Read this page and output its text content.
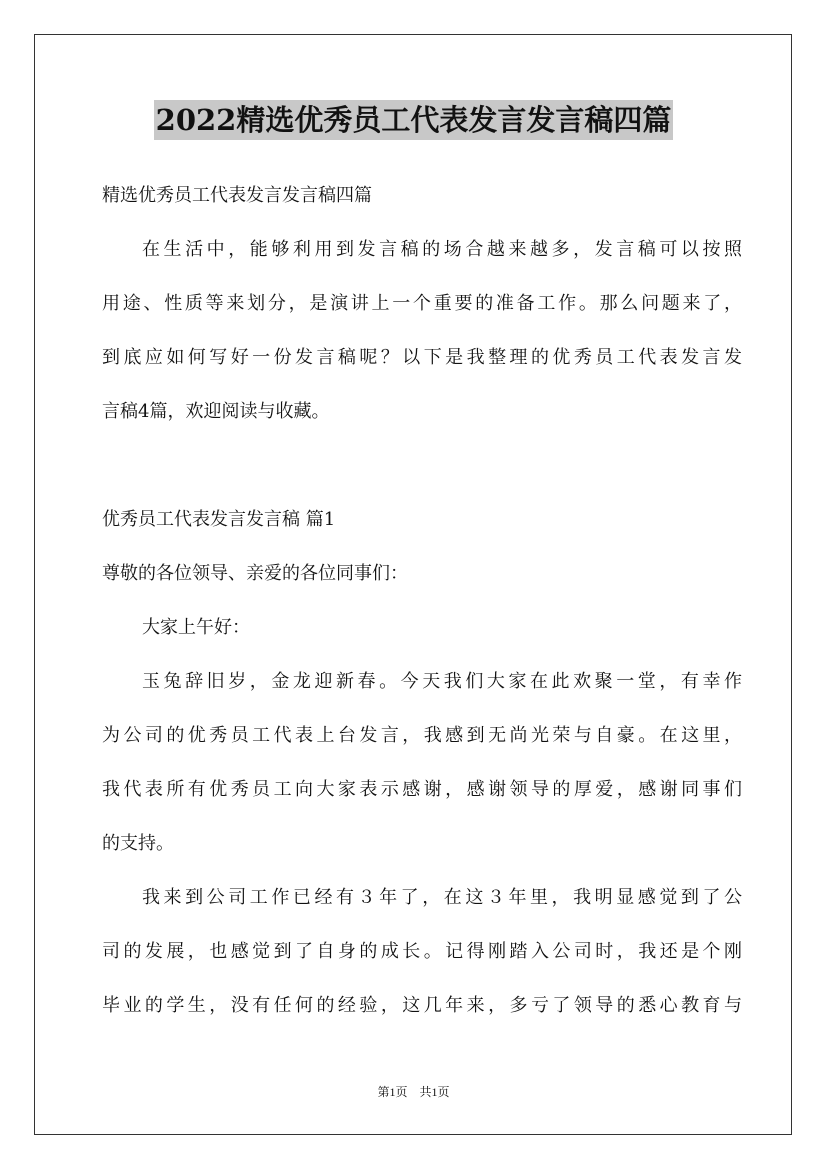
2022精选优秀员工代表发言发言稿四篇
精选优秀员工代表发言发言稿四篇
在生活中，能够利用到发言稿的场合越来越多，发言稿可以按照
用途、性质等来划分，是演讲上一个重要的准备工作。那么问题来了，
到底应如何写好一份发言稿呢？以下是我整理的优秀员工代表发言发
言稿4篇，欢迎阅读与收藏。
优秀员工代表发言发言稿 篇1
尊敬的各位领导、亲爱的各位同事们：
大家上午好：
玉兔辞旧岁，金龙迎新春。今天我们大家在此欢聚一堂，有幸作
为公司的优秀员工代表上台发言，我感到无尚光荣与自豪。在这里，
我代表所有优秀员工向大家表示感谢，感谢领导的厚爱，感谢同事们
的支持。
我来到公司工作已经有３年了，在这３年里，我明显感觉到了公
司的发展，也感觉到了自身的成长。记得刚踏入公司时，我还是个刚
毕业的学生，没有任何的经验，这几年来，多亏了领导的悉心教育与
第1页　共1页
